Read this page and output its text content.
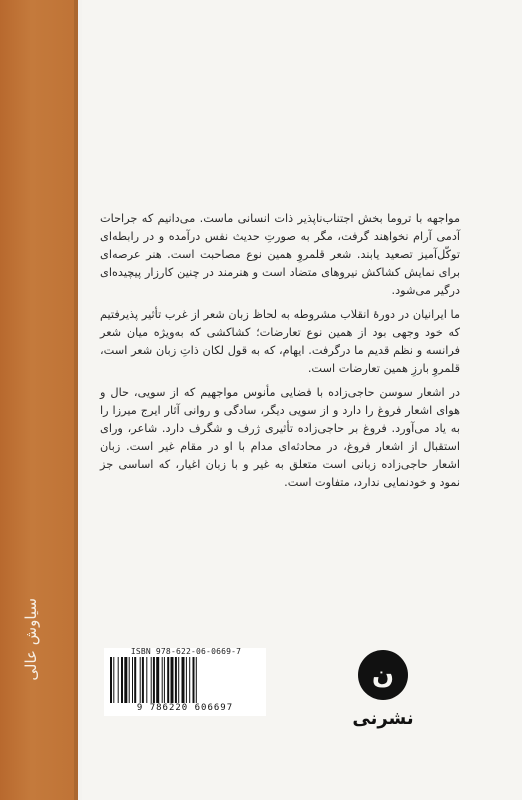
سیاوش عالی

مواجهه با تروما بخش اجتناب‌ناپذیر ذات انسانی ماست. می‌دانیم که جراحات آدمی آرام نخواهند گرفت، مگر به صورتِ حدیث نفس درآمده و در رابطه‌ای توکّل‌آمیز تصعید یابند. شعر قلمروِ همین نوع مصاحبت است. هنر عرصه‌ای برای نمایش کشاکش نیروهای متضاد است و هنرمند در چنین کارزار پیچیده‌ای درگیر می‌شود.

ما ایرانیان در دورهٔ انقلاب مشروطه به لحاظ زبان شعر از غرب تأثیر پذیرفتیم که خود وجهی بود از همین نوع تعارضات؛ کشاکشی که به‌ویژه میان شعر فرانسه و نظم قدیم ما درگرفت. ایهام، که به قول لکان ذاتِ زبان شعر است، قلمروِ بارزِ همین تعارضات است.

در اشعار سوسن حاجی‌زاده با فضایی مأنوس مواجهیم که از سویی، حال و هوای اشعار فروغ را دارد و از سویی دیگر، سادگی و روانی آثار ایرج میرزا را به یاد می‌آورد. فروغ بر حاجی‌زاده تأثیری ژرف و شگرف دارد. شاعر، ورای استقبال از اشعار فروغ، در محادثه‌ای مدام با او در مقام غیر است. زبان اشعار حاجی‌زاده زبانی است متعلق به غیر و با زبان اغیار، که اساسی جز نمود و خودنمایی ندارد، متفاوت است.

ISBN 978-622-06-0669-7
9 786220 606697
ن
نشرنی
